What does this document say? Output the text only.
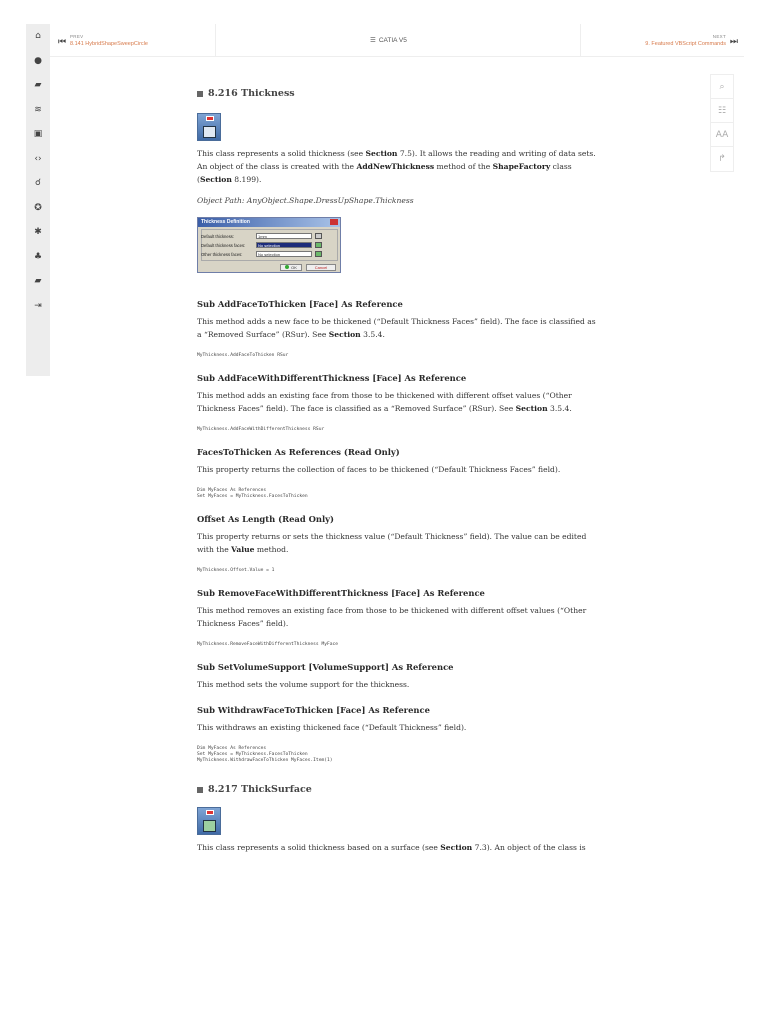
⌂
●
▰
≋
▣
‹›
☌
✪
✱
♣
▰
⇥
⏮ PREV
8.141 HybridShapeSweepCircle	☰ CATIA V5	NEXT
9. Featured VBScript Commands ⏭
⌕
☷
AA
↱
8.216 Thickness

This class represents a solid thickness (see Section 7.5). It allows the reading and writing of data sets. An object of the class is created with the AddNewThickness method of the ShapeFactory class (Section 8.199).

Object Path: AnyObject.Shape.DressUpShape.Thickness

Thickness Definition
Default thickness:	1mm
Default thickness faces:	No selection
Other thickness faces:	No selection
OK	Cancel
Sub AddFaceToThicken [Face] As Reference

This method adds a new face to be thickened (“Default Thickness Faces” field). The face is classified as a “Removed Surface” (RSur). See Section 3.5.4.

MyThickness.AddFaceToThicken RSur
Sub AddFaceWithDifferentThickness [Face] As Reference

This method adds an existing face from those to be thickened with different offset values (“Other Thickness Faces” field). The face is classified as a “Removed Surface” (RSur). See Section 3.5.4.

MyThickness.AddFaceWithDifferentThickness RSur
FacesToThicken As References (Read Only)

This property returns the collection of faces to be thickened (“Default Thickness Faces” field).

Dim MyFaces As References
Set MyFaces = MyThickness.FacesToThicken
Offset As Length (Read Only)

This property returns or sets the thickness value (“Default Thickness” field). The value can be edited with the Value method.

MyThickness.Offset.Value = 1
Sub RemoveFaceWithDifferentThickness [Face] As Reference

This method removes an existing face from those to be thickened with different offset values (“Other Thickness Faces” field).

MyThickness.RemoveFaceWithDifferentThickness MyFace
Sub SetVolumeSupport [VolumeSupport] As Reference

This method sets the volume support for the thickness.

Sub WithdrawFaceToThicken [Face] As Reference

This withdraws an existing thickened face (“Default Thickness” field).

Dim MyFaces As References
Set MyFaces = MyThickness.FacesToThicken
MyThickness.WithdrawFaceToThicken MyFaces.Item(1)
8.217 ThickSurface

This class represents a solid thickness based on a surface (see Section 7.3). An object of the class is
